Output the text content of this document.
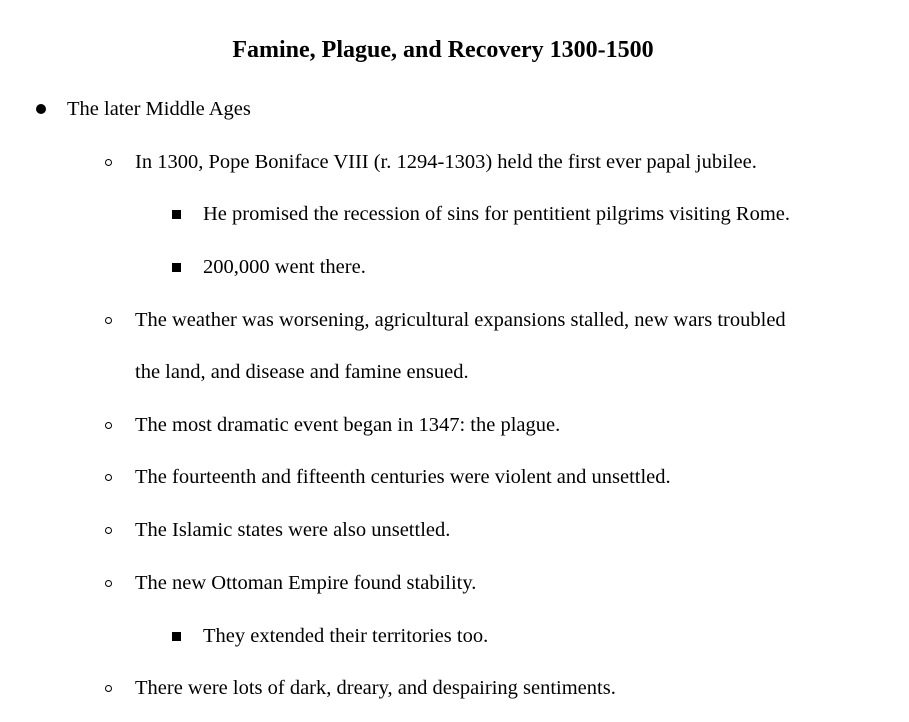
Famine, Plague, and Recovery 1300-1500
The later Middle Ages
In 1300, Pope Boniface VIII (r. 1294-1303) held the first ever papal jubilee.
He promised the recession of sins for pentitient pilgrims visiting Rome.
200,000 went there.
The weather was worsening, agricultural expansions stalled, new wars troubled
the land, and disease and famine ensued.
The most dramatic event began in 1347: the plague.
The fourteenth and fifteenth centuries were violent and unsettled.
The Islamic states were also unsettled.
The new Ottoman Empire found stability.
They extended their territories too.
There were lots of dark, dreary, and despairing sentiments.
